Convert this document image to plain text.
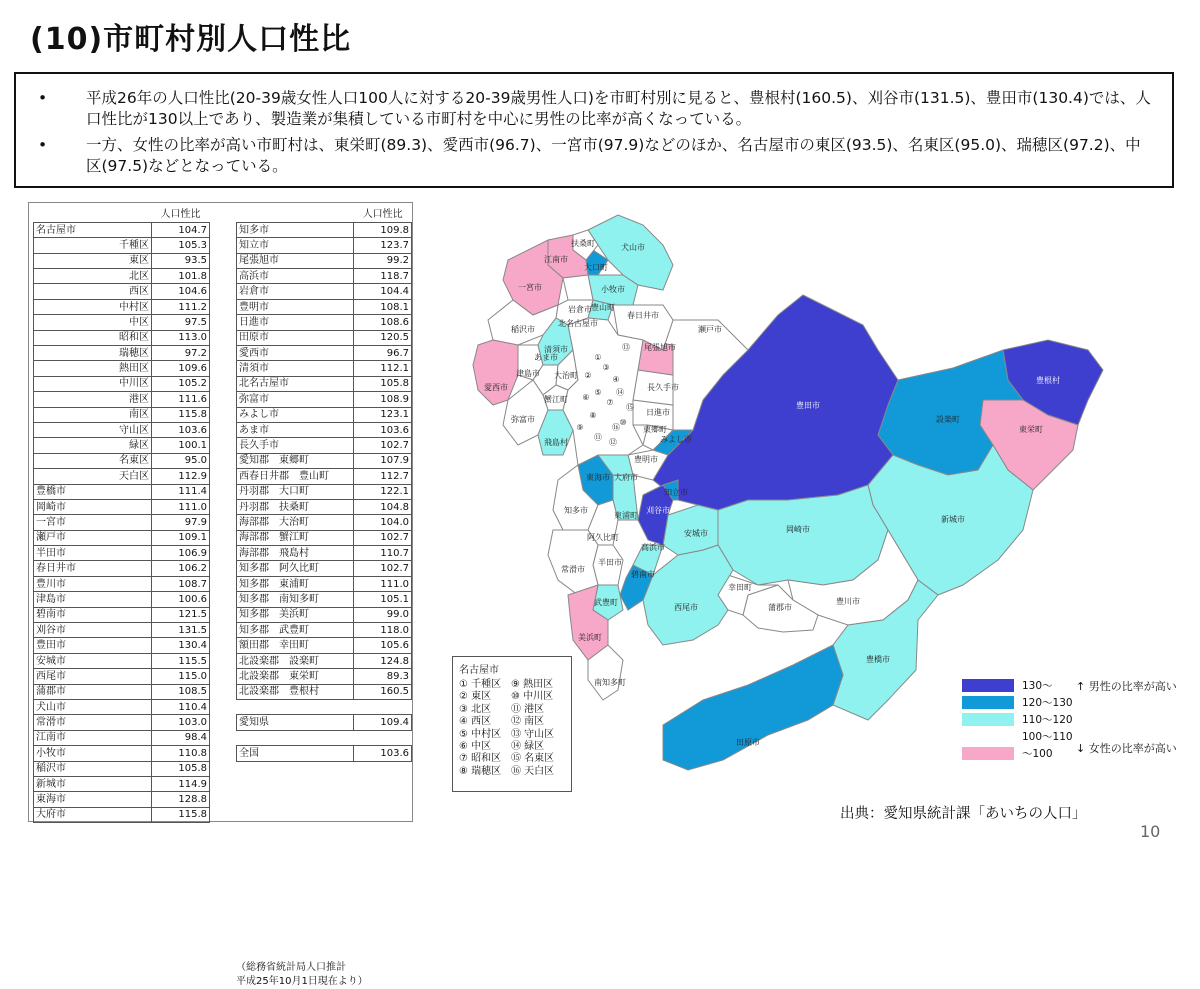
(10)市町村別人口性比
•	平成26年の人口性比(20-39歳女性人口100人に対する20-39歳男性人口)を市町村別に見ると、豊根村(160.5)、刈谷市(131.5)、豊田市(130.4)では、人口性比が130以上であり、製造業が集積している市町村を中心に男性の比率が高くなっている。
•	一方、女性の比率が高い市町村は、東栄町(89.3)、愛西市(96.7)、一宮市(97.9)などのほか、名古屋市の東区(93.5)、名東区(95.0)、瑞穂区(97.2)、中区(97.5)などとなっている。
	人口性比
名古屋市	104.7
千種区	105.3
東区	93.5
北区	101.8
西区	104.6
中村区	111.2
中区	97.5
昭和区	113.0
瑞穂区	97.2
熱田区	109.6
中川区	105.2
港区	111.6
南区	115.8
守山区	103.6
緑区	100.1
名東区	95.0
天白区	112.9
豊橋市	111.4
岡崎市	111.0
一宮市	97.9
瀬戸市	109.1
半田市	106.9
春日井市	106.2
豊川市	108.7
津島市	100.6
碧南市	121.5
刈谷市	131.5
豊田市	130.4
安城市	115.5
西尾市	115.0
蒲郡市	108.5
犬山市	110.4
常滑市	103.0
江南市	98.4
小牧市	110.8
稲沢市	105.8
新城市	114.9
東海市	128.8
大府市	115.8
	人口性比
知多市	109.8
知立市	123.7
尾張旭市	99.2
高浜市	118.7
岩倉市	104.4
豊明市	108.1
日進市	108.6
田原市	120.5
愛西市	96.7
清須市	112.1
北名古屋市	105.8
弥富市	108.9
みよし市	123.1
あま市	103.6
長久手市	102.7
愛知郡　東郷町	107.9
西春日井郡　豊山町	112.7
丹羽郡　大口町	122.1
丹羽郡　扶桑町	104.8
海部郡　大治町	104.0
海部郡　蟹江町	102.7
海部郡　飛島村	110.7
知多郡　阿久比町	102.7
知多郡　東浦町	111.0
知多郡　南知多町	105.1
知多郡　美浜町	99.0
知多郡　武豊町	118.0
額田郡　幸田町	105.6
北設楽郡　設楽町	124.8
北設楽郡　東栄町	89.3
北設楽郡　豊根村	160.5

愛知県	109.4

全国	103.6
（総務省統計局人口推計
平成25年10月1日現在より）
豊根村
東栄町
設楽町
豊田市
新城市
岡崎市
豊橋市
豊川市
蒲郡市
幸田町
田原市
西尾市
安城市
刈谷市
知立市
碧南市
高浜市
東浦町
大府市
東海市
知多市
阿久比町
半田市
常滑市
武豊町
美浜町
南知多町
一宮市
稲沢市
愛西市
津島市
弥富市
飛島村
蟹江町
あま市
大治町
清須市
北名古屋市
岩倉市
江南市
扶桑町
大口町
犬山市
小牧市
豊山町
春日井市
瀬戸市
尾張旭市
長久手市
日進市
東郷町
みよし市
豊明市
①
②
③
④
⑤
⑥
⑦
⑧
⑨
⑩
⑪
⑫
⑬
⑭
⑮
⑯
名古屋市
① 千種区
② 東区
③ 北区
④ 西区
⑤ 中村区
⑥ 中区
⑦ 昭和区
⑧ 瑞穂区
⑨ 熱田区
⑩ 中川区
⑪ 港区
⑫ 南区
⑬ 守山区
⑭ 緑区
⑮ 名東区
⑯ 天白区
130～
120～130
110～120
100～110
～100
↑ 男性の比率が高い
↓ 女性の比率が高い
出典：愛知県統計課「あいちの人口」
10
